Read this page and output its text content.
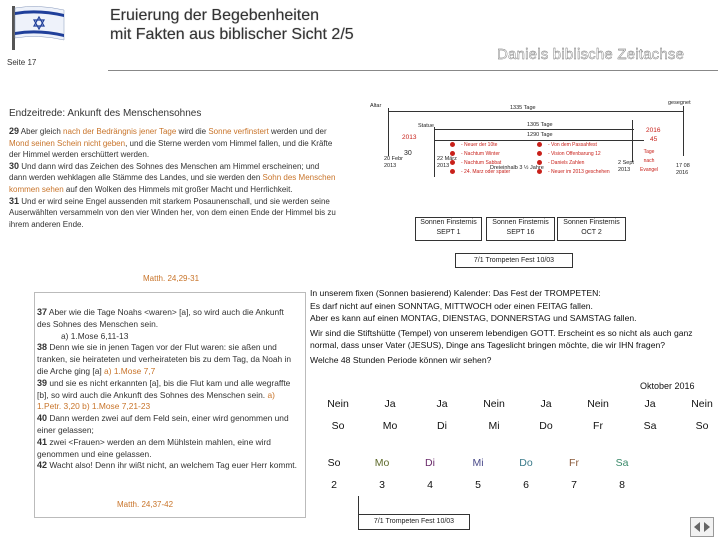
Eruierung der Begebenheiten
mit Fakten aus biblischer Sicht 2/5
Daniels biblische Zeitachse
Seite 17
Endzeitrede: Ankunft des Menschensohnes
29 Aber gleich nach der Bedrängnis jener Tage wird die Sonne verfinstert werden und der Mond seinen Schein nicht geben, und die Sterne werden vom Himmel fallen, und die Kräfte der Himmel werden erschüttert werden.
30 Und dann wird das Zeichen des Sohnes des Menschen am Himmel erscheinen; und dann werden wehklagen alle Stämme des Landes, und sie werden den Sohn des Menschen kommen sehen auf den Wolken des Himmels mit großer Macht und Herrlichkeit.
31 Und er wird seine Engel aussenden mit starkem Posaunenschall, und sie werden seine Auserwählten versammeln von den vier Winden her, von dem einen Ende der Himmel bis zu ihrem anderen Ende.
Matth. 24,29-31
Altar	1335 Tage
gesegnet
Statue	1305 Tage
1290 Tage
2013
30
2016
45
- Neuer der 10te
- Nachtum Winter
- Nachtum Sabbat
- 24. Marz oder spater
- Von dem Passahfest
- Vision Offenbarung 12
- Daniels Zahlen
- Neuer im 2013 geschehen
Tage
nach
Evangel
20 Febr
2013
22 März
2013	Dreieinhalb 3 ½ Jahre
2 Sept
2013
17 08
2016
Sonnen Finsternis
SEPT 1
Sonnen Finsternis
SEPT 16
Sonnen Finsternis
OCT 2
7/1 Trompeten Fest 10/03
37 Aber wie die Tage Noahs <waren> [a], so wird auch die Ankunft des Sohnes des Menschen sein.
a) 1.Mose 6,11-13
38 Denn wie sie in jenen Tagen vor der Flut waren: sie aßen und tranken, sie heirateten und verheirateten bis zu dem Tag, da Noah in die Arche ging [a] a) 1.Mose 7,7
39 und sie es nicht erkannten [a], bis die Flut kam und alle wegraffte [b], so wird auch die Ankunft des Sohnes des Menschen sein. a) 1.Petr. 3,20 b) 1.Mose 7,21-23
40 Dann werden zwei auf dem Feld sein, einer wird genommen und einer gelassen;
41 zwei <Frauen> werden an dem Mühlstein mahlen, eine wird genommen und eine gelassen.
42 Wacht also! Denn ihr wißt nicht, an welchem Tag euer Herr kommt.
Matth. 24,37-42
In unserem fixen (Sonnen basierend) Kalender: Das Fest der TROMPETEN:
Es darf nicht auf einen SONNTAG, MITTWOCH oder einen FEITAG fallen.
Aber es kann auf einen MONTAG, DIENSTAG, DONNERSTAG und SAMSTAG fallen.
Wir sind die Stiftshütte (Tempel) von unserem lebendigen GOTT. Erscheint es so nicht als auch ganz normal, dass unser Vater (JESUS), Dinge ans Tageslicht bringen möchte, die wir IHN fragen?
Welche 48 Stunden Periode können wir sehen?
Oktober 2016
Nein	Ja	Ja	Nein	Ja	Nein	Ja	Nein
So	Mo	Di	Mi	Do	Fr	Sa	So
So	Mo	Di	Mi	Do	Fr	Sa
2	3	4	5	6	7	8
7/1 Trompeten Fest 10/03
